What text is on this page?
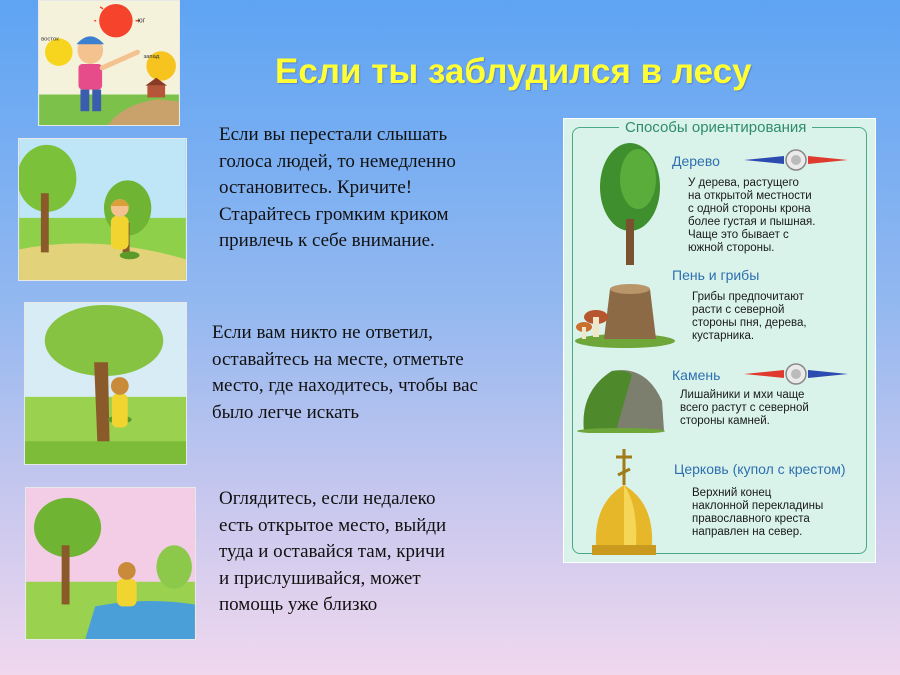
Если ты заблудился в лесу
юг
восток
запад
Если вы перестали слышать
голоса людей, то немедленно
остановитесь. Кричите!
Старайтесь громким криком
привлечь к себе внимание.
Если вам никто не ответил,
оставайтесь на месте, отметьте
место, где находитесь, чтобы вас
было легче искать
Оглядитесь, если недалеко
есть открытое место, выйди
туда и оставайся там, кричи
и прислушивайся, может
помощь уже близко
Способы ориентирования
Дерево
У дерева, растущего
на открытой местности
с одной стороны крона
более густая и пышная.
Чаще это бывает с
южной стороны.
Пень и грибы
Грибы предпочитают
расти с северной
стороны пня, дерева,
кустарника.
Камень
Лишайники и мхи чаще
всего растут с северной
стороны камней.
Церковь (купол с крестом)
Верхний конец
наклонной перекладины
православного креста
направлен на север.
